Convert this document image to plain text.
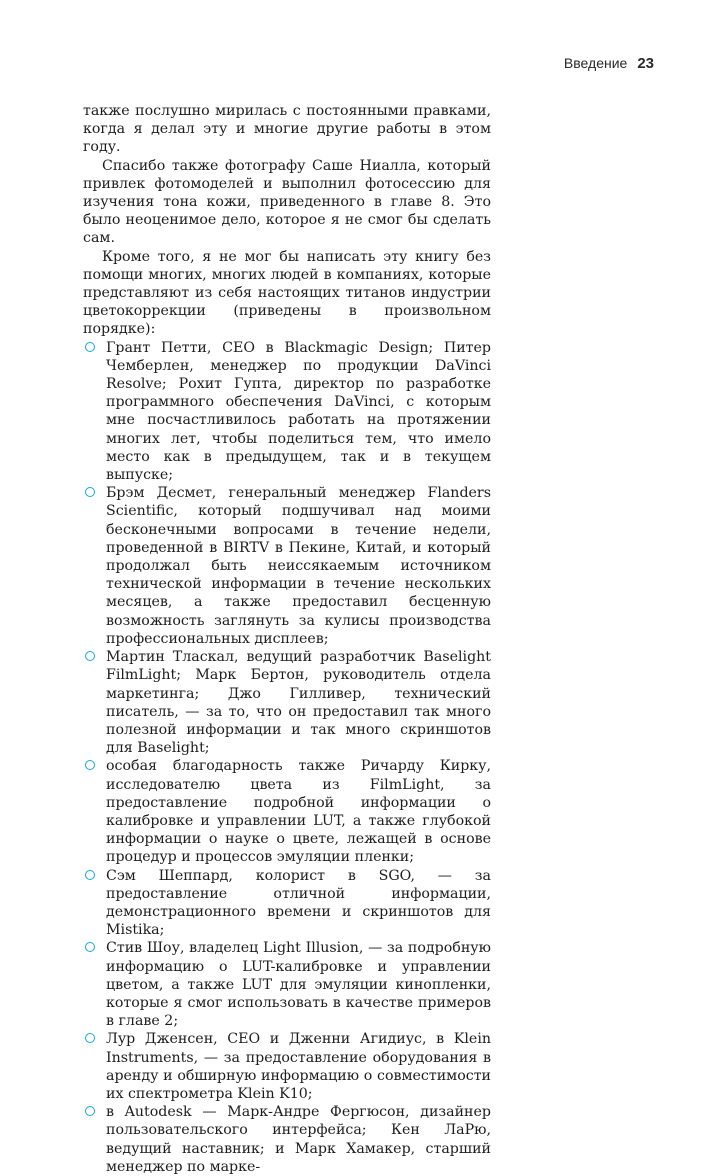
Введение 23

также послушно мирилась с постоянными правками, когда я делал эту и многие другие работы в этом году.

Спасибо также фотографу Саше Ниалла, который привлек фотомоделей и выполнил фотосессию для изучения тона кожи, приведенного в главе 8. Это было неоценимое дело, которое я не смог бы сделать сам.

Кроме того, я не мог бы написать эту книгу без помощи многих, многих людей в компаниях, которые представляют из себя настоящих титанов индустрии цветокоррекции (приведены в произвольном порядке):

Грант Петти, CEO в Blackmagic Design; Питер Чемберлен, менеджер по продукции DaVinci Resolve; Рохит Гупта, директор по разработке программного обеспечения DaVinci, с которым мне посчастливилось работать на протяжении многих лет, чтобы поделиться тем, что имело место как в предыдущем, так и в текущем выпуске;
Брэм Десмет, генеральный менеджер Flanders Scientific, который подшучивал над моими бесконечными вопросами в течение недели, проведенной в BIRTV в Пекине, Китай, и который продолжал быть неиссякаемым источником технической информации в течение нескольких месяцев, а также предоставил бесценную возможность заглянуть за кулисы производства профессиональных дисплеев;
Мартин Тласкал, ведущий разработчик Baselight FilmLight; Марк Бертон, руководитель отдела маркетинга; Джо Гилливер, технический писатель, — за то, что он предоставил так много полезной информации и так много скриншотов для Baselight;
особая благодарность также Ричарду Кирку, исследователю цвета из FilmLight, за предоставление подробной информации о калибровке и управлении LUT, а также глубокой информации о науке о цвете, лежащей в основе процедур и процессов эмуляции пленки;
Сэм Шеппард, колорист в SGO, — за предоставление отличной информации, демонстрационного времени и скриншотов для Mistika;
Стив Шоу, владелец Light Illusion, — за подробную информацию о LUT-калибровке и управлении цветом, а также LUT для эмуляции кинопленки, которые я смог использовать в качестве примеров в главе 2;
Лур Дженсен, CEO и Дженни Агидиус, в Klein Instruments, — за предоставление оборудования в аренду и обширную информацию о совместимости их спектрометра Klein K10;
в Autodesk — Марк-Андре Фергюсон, дизайнер пользовательского интерфейса; Кен ЛаРю, ведущий наставник; и Марк Хамакер, старший менеджер по марке-
